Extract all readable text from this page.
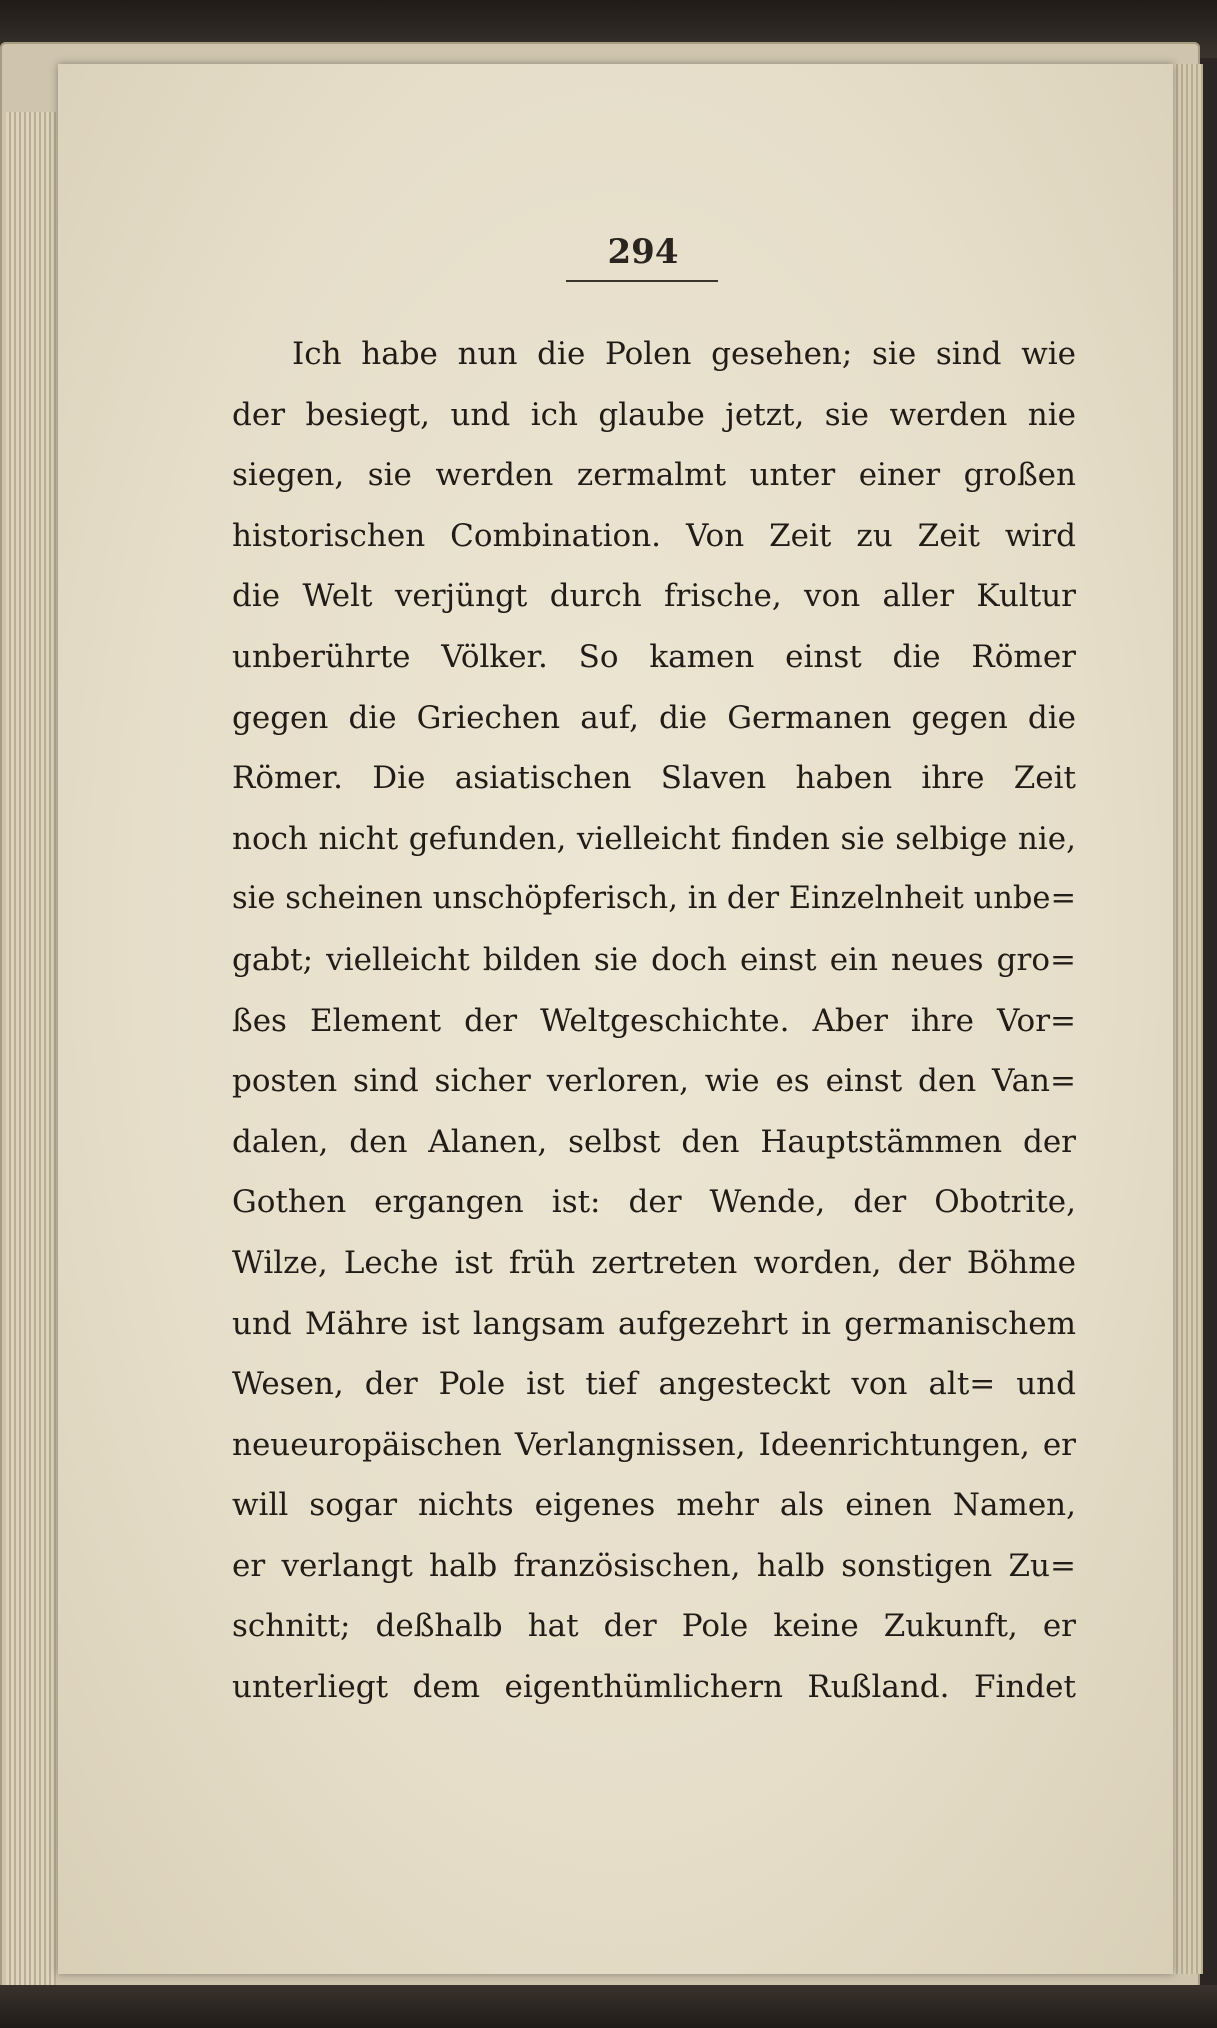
294
Ich habe nun die Polen gesehen; sie sind wie
der besiegt, und ich glaube jetzt, sie werden nie
siegen, sie werden zermalmt unter einer großen
historischen Combination. Von Zeit zu Zeit wird
die Welt verjüngt durch frische, von aller Kultur
unberührte Völker. So kamen einst die Römer
gegen die Griechen auf, die Germanen gegen die
Römer. Die asiatischen Slaven haben ihre Zeit
noch nicht gefunden, vielleicht finden sie selbige nie,
sie scheinen unschöpferisch, in der Einzelnheit unbe=
gabt; vielleicht bilden sie doch einst ein neues gro=
ßes Element der Weltgeschichte. Aber ihre Vor=
posten sind sicher verloren, wie es einst den Van=
dalen, den Alanen, selbst den Hauptstämmen der
Gothen ergangen ist: der Wende, der Obotrite,
Wilze, Leche ist früh zertreten worden, der Böhme
und Mähre ist langsam aufgezehrt in germanischem
Wesen, der Pole ist tief angesteckt von alt= und
neueuropäischen Verlangnissen, Ideenrichtungen, er
will sogar nichts eigenes mehr als einen Namen,
er verlangt halb französischen, halb sonstigen Zu=
schnitt; deßhalb hat der Pole keine Zukunft, er
unterliegt dem eigenthümlichern Rußland. Findet
